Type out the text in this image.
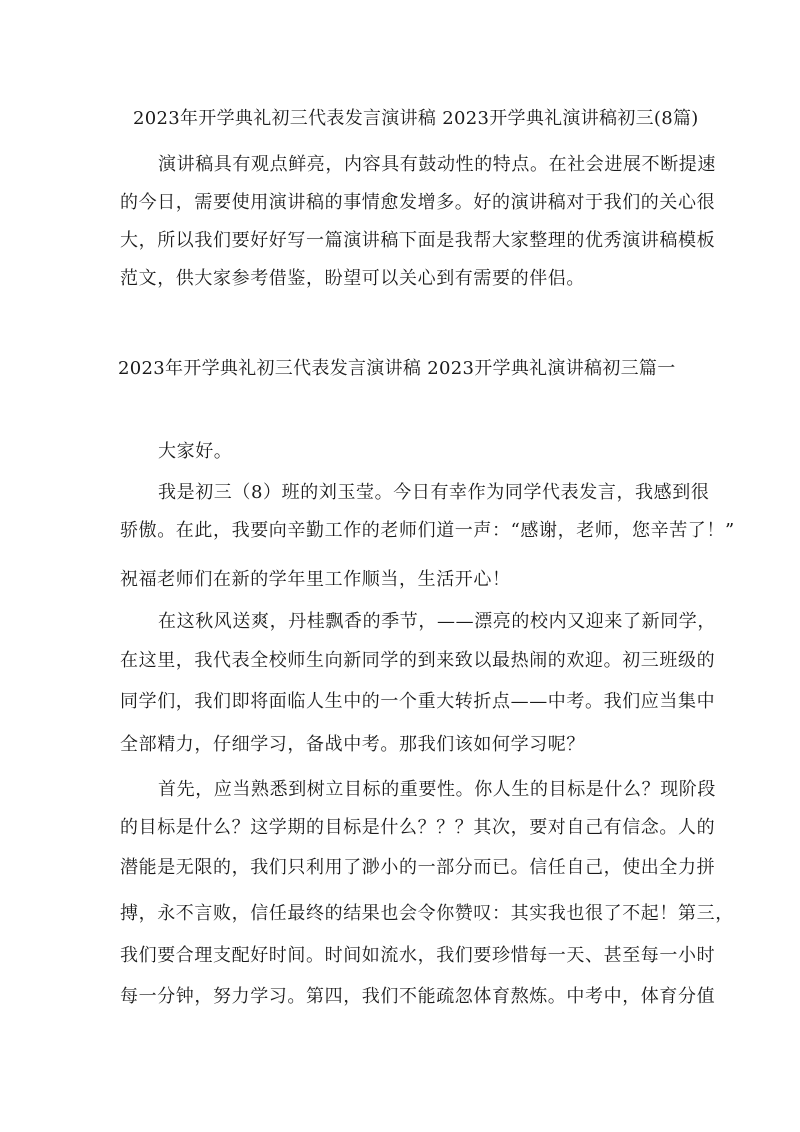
2023年开学典礼初三代表发言演讲稿 2023开学典礼演讲稿初三(8篇)
演讲稿具有观点鲜亮，内容具有鼓动性的特点。在社会进展不断提速
的今日，需要使用演讲稿的事情愈发增多。好的演讲稿对于我们的关心很
大，所以我们要好好写一篇演讲稿下面是我帮大家整理的优秀演讲稿模板
范文，供大家参考借鉴，盼望可以关心到有需要的伴侣。
2023年开学典礼初三代表发言演讲稿 2023开学典礼演讲稿初三篇一
大家好。
我是初三（8）班的刘玉莹。今日有幸作为同学代表发言，我感到很
骄傲。在此，我要向辛勤工作的老师们道一声：“感谢，老师，您辛苦了！”
祝福老师们在新的学年里工作顺当，生活开心！
在这秋风送爽，丹桂飘香的季节，——漂亮的校内又迎来了新同学，
在这里，我代表全校师生向新同学的到来致以最热闹的欢迎。初三班级的
同学们，我们即将面临人生中的一个重大转折点——中考。我们应当集中
全部精力，仔细学习，备战中考。那我们该如何学习呢？
首先，应当熟悉到树立目标的重要性。你人生的目标是什么？现阶段
的目标是什么？这学期的目标是什么？？？其次，要对自己有信念。人的
潜能是无限的，我们只利用了渺小的一部分而已。信任自己，使出全力拼
搏，永不言败，信任最终的结果也会令你赞叹：其实我也很了不起！第三，
我们要合理支配好时间。时间如流水，我们要珍惜每一天、甚至每一小时
每一分钟，努力学习。第四，我们不能疏忽体育熬炼。中考中，体育分值
